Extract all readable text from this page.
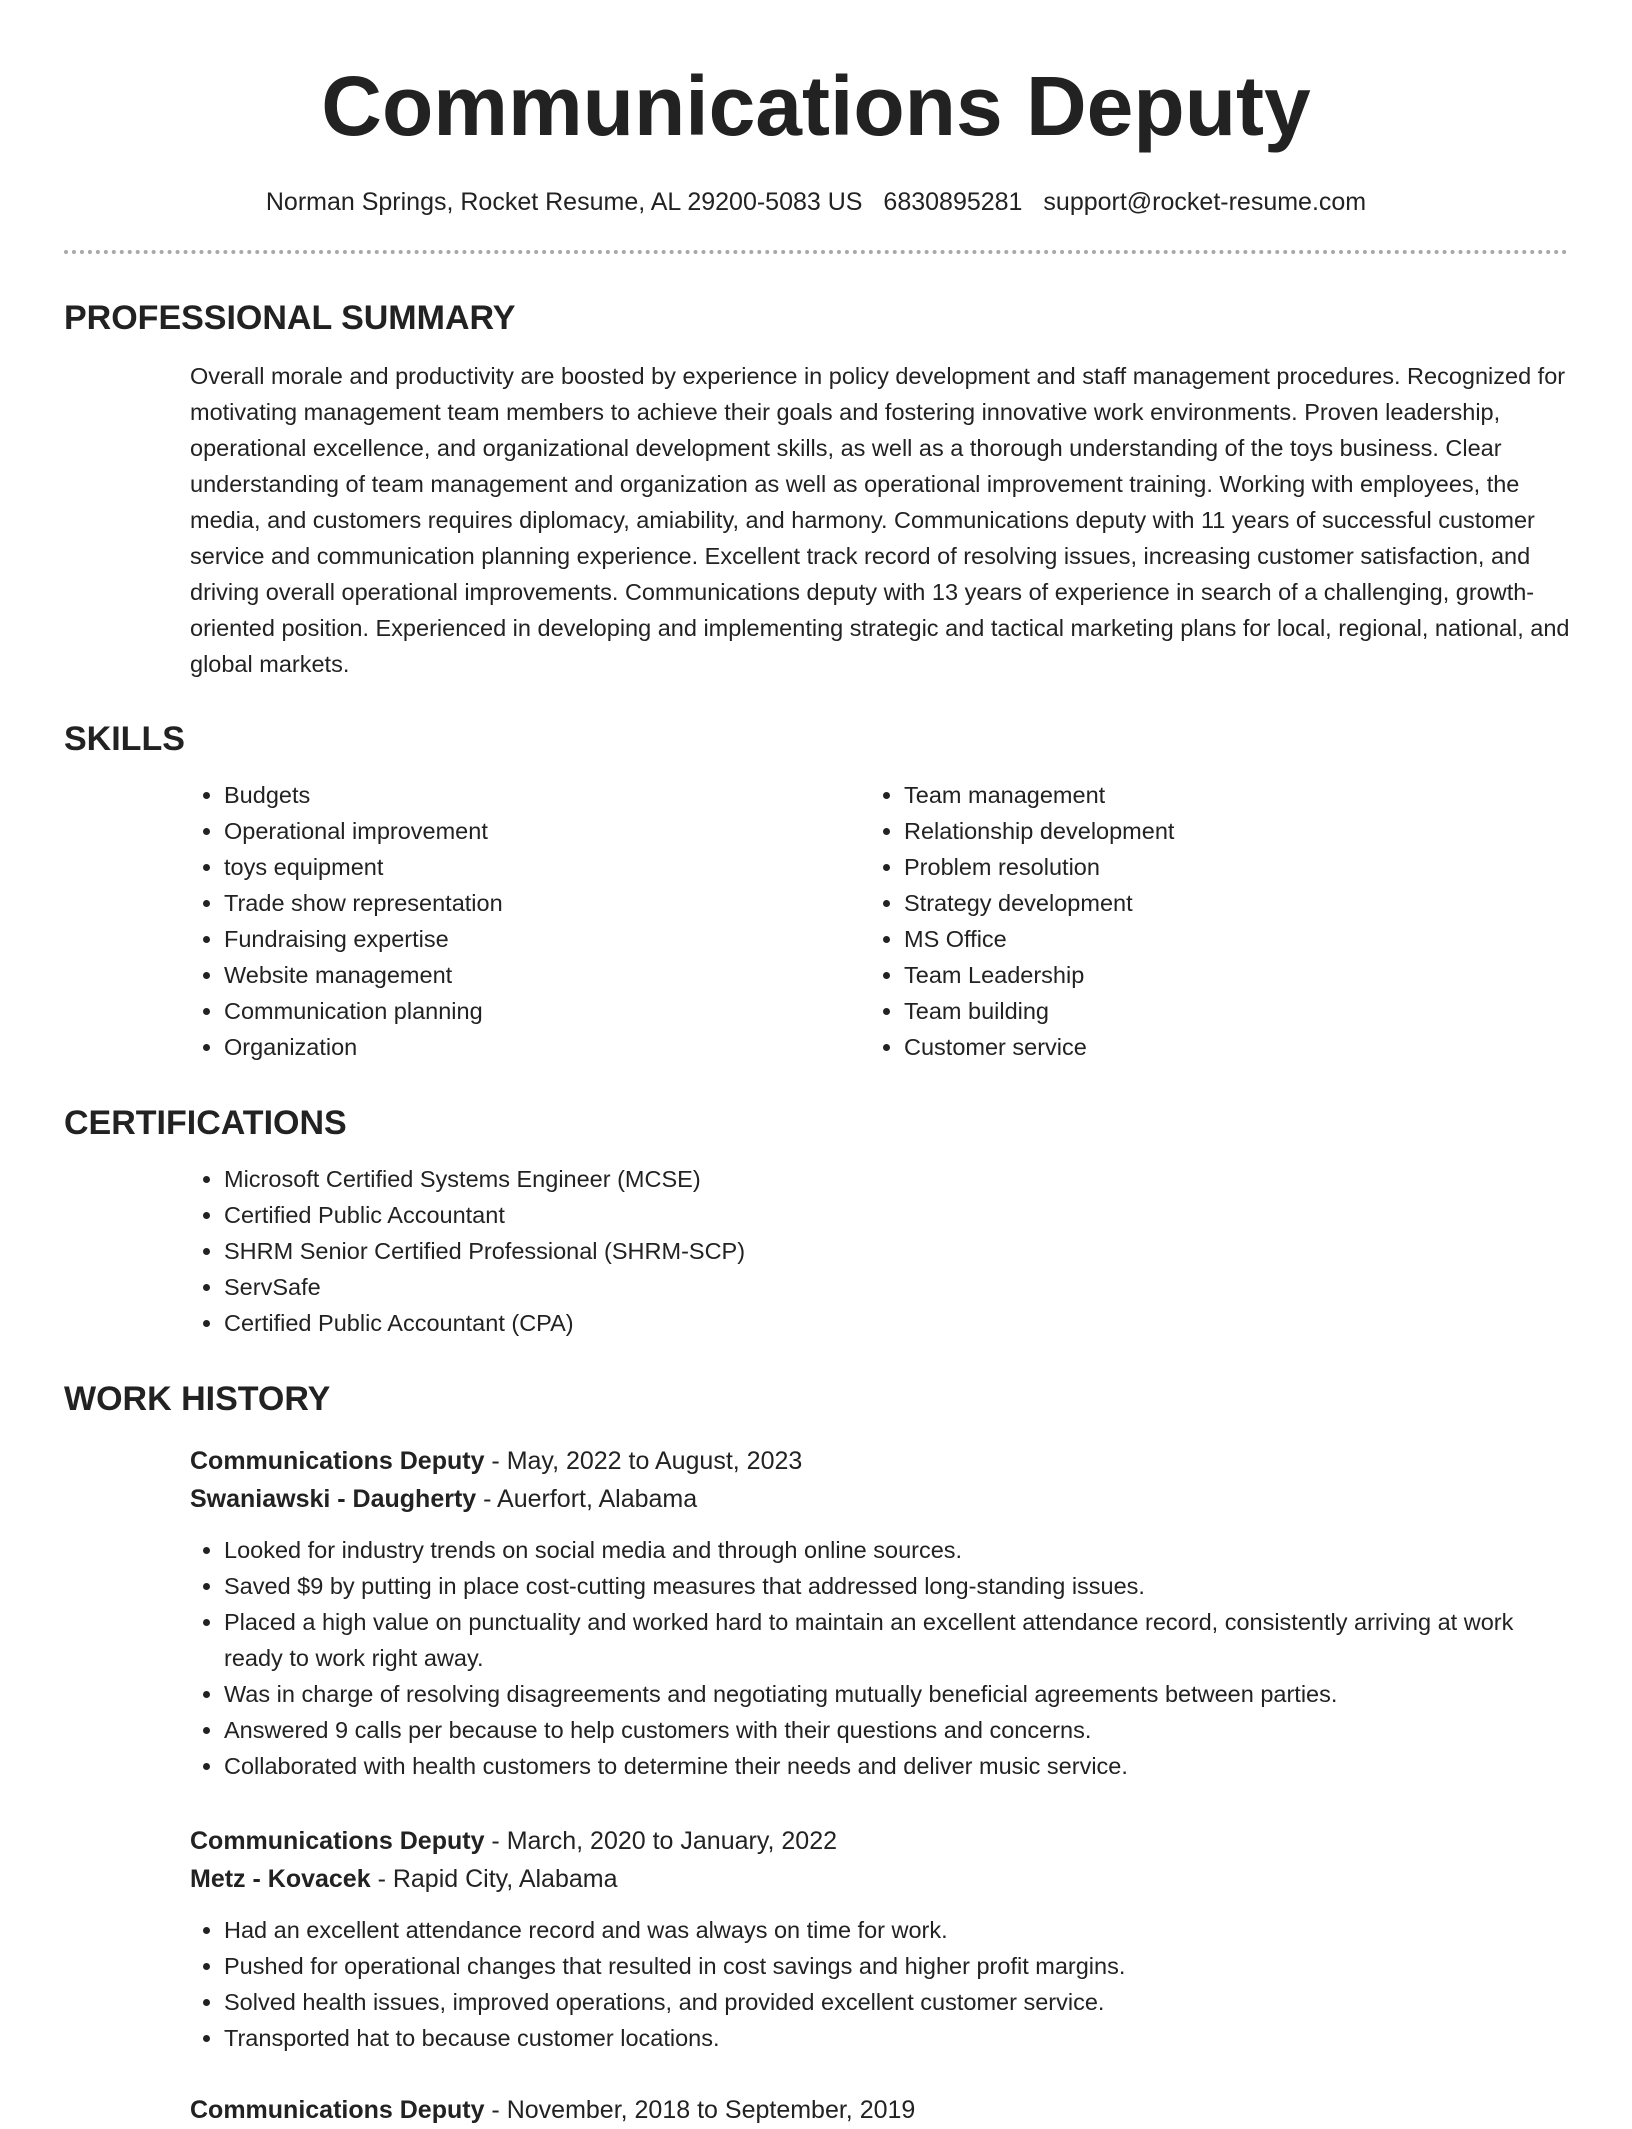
Communications Deputy
Norman Springs, Rocket Resume, AL 29200-5083 US 6830895281 support@rocket-resume.com
PROFESSIONAL SUMMARY
Overall morale and productivity are boosted by experience in policy development and staff management procedures. Recognized for motivating management team members to achieve their goals and fostering innovative work environments. Proven leadership, operational excellence, and organizational development skills, as well as a thorough understanding of the toys business. Clear understanding of team management and organization as well as operational improvement training. Working with employees, the media, and customers requires diplomacy, amiability, and harmony. Communications deputy with 11 years of successful customer service and communication planning experience. Excellent track record of resolving issues, increasing customer satisfaction, and driving overall operational improvements. Communications deputy with 13 years of experience in search of a challenging, growth-oriented position. Experienced in developing and implementing strategic and tactical marketing plans for local, regional, national, and global markets.
SKILLS
• Budgets
• Operational improvement
• toys equipment
• Trade show representation
• Fundraising expertise
• Website management
• Communication planning
• Organization
• Team management
• Relationship development
• Problem resolution
• Strategy development
• MS Office
• Team Leadership
• Team building
• Customer service
CERTIFICATIONS
• Microsoft Certified Systems Engineer (MCSE)
• Certified Public Accountant
• SHRM Senior Certified Professional (SHRM-SCP)
• ServSafe
• Certified Public Accountant (CPA)
WORK HISTORY
Communications Deputy - May, 2022 to August, 2023
Swaniawski - Daugherty - Auerfort, Alabama
• Looked for industry trends on social media and through online sources.
• Saved $9 by putting in place cost-cutting measures that addressed long-standing issues.
• Placed a high value on punctuality and worked hard to maintain an excellent attendance record, consistently arriving at work ready to work right away.
• Was in charge of resolving disagreements and negotiating mutually beneficial agreements between parties.
• Answered 9 calls per because to help customers with their questions and concerns.
• Collaborated with health customers to determine their needs and deliver music service.
Communications Deputy - March, 2020 to January, 2022
Metz - Kovacek - Rapid City, Alabama
• Had an excellent attendance record and was always on time for work.
• Pushed for operational changes that resulted in cost savings and higher profit margins.
• Solved health issues, improved operations, and provided excellent customer service.
• Transported hat to because customer locations.
Communications Deputy - November, 2018 to September, 2019
